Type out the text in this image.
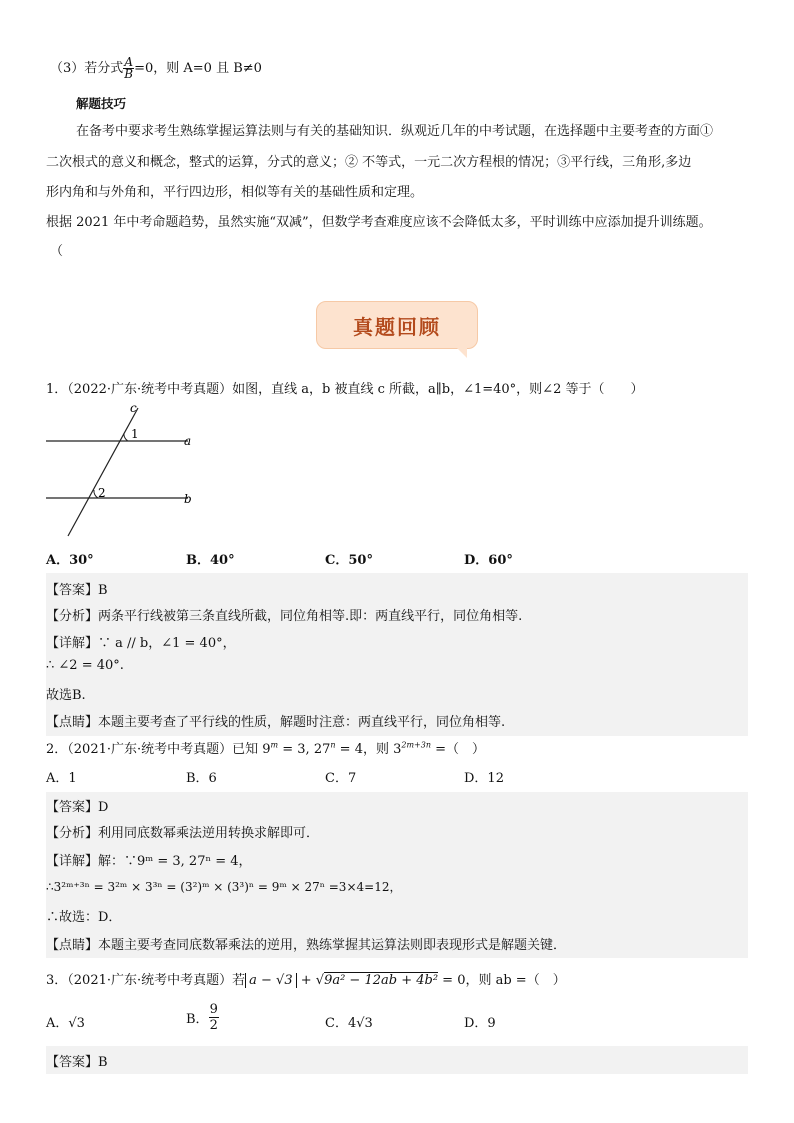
（3）若分式 $\frac{A}{B} =0$，则 A=0 且 B≠0
解题技巧
在备考中要求考生熟练掌握运算法则与有关的基础知识．纵观近几年的中考试题，在选择题中主要考查的方面①
二次根式的意义和概念，整式的运算，分式的意义；② 不等式，一元二次方程根的情况；③平行线，三角形,多边
形内角和与外角和，平行四边形，相似等有关的基础性质和定理。
根据 2021 年中考命题趋势，虽然实施“双减”，但数学考查难度应该不会降低太多，平时训练中应添加提升训练题。
（
真题回顾
1．（2022·广东·统考中考真题）如图，直线 a，b 被直线 c 所截，a∥b，∠1=40°，则∠2 等于（　　）
c
1	a
2	b
A．30°	B．40°	C．50°	D．60°
【答案】B
【分析】两条平行线被第三条直线所截，同位角相等.即：两直线平行，同位角相等.
【详解】∵ a // b，∠1 = 40°，
∴ ∠2 = 40°.
故选B.
【点睛】本题主要考查了平行线的性质，解题时注意：两直线平行，同位角相等.
2．（2021·广东·统考中考真题）已知 $9^m = 3$, $27^n = 4$，则 $3^{2m+3n}$ =（　）
A．1	B．6	C．7	D．12
【答案】D
【分析】利用同底数幂乘法逆用转换求解即可．
【详解】解：∵9ᵐ = 3, 27ⁿ = 4，
∴3²ᵐ⁺³ⁿ = 3²ᵐ × 3³ⁿ = (3²)ᵐ × (3³)ⁿ = 9ᵐ × 27ⁿ =3×4=12，
∴故选：D．
【点睛】本题主要考查同底数幂乘法的逆用，熟练掌握其运算法则即表现形式是解题关键．
3．（2021·广东·统考中考真题）若 a − √3 + √9a² − 12ab + 4b² = 0，则 ab =（　）
A．√3	B． $\frac{9}{2}$	C．4√3	D．9
【答案】B
